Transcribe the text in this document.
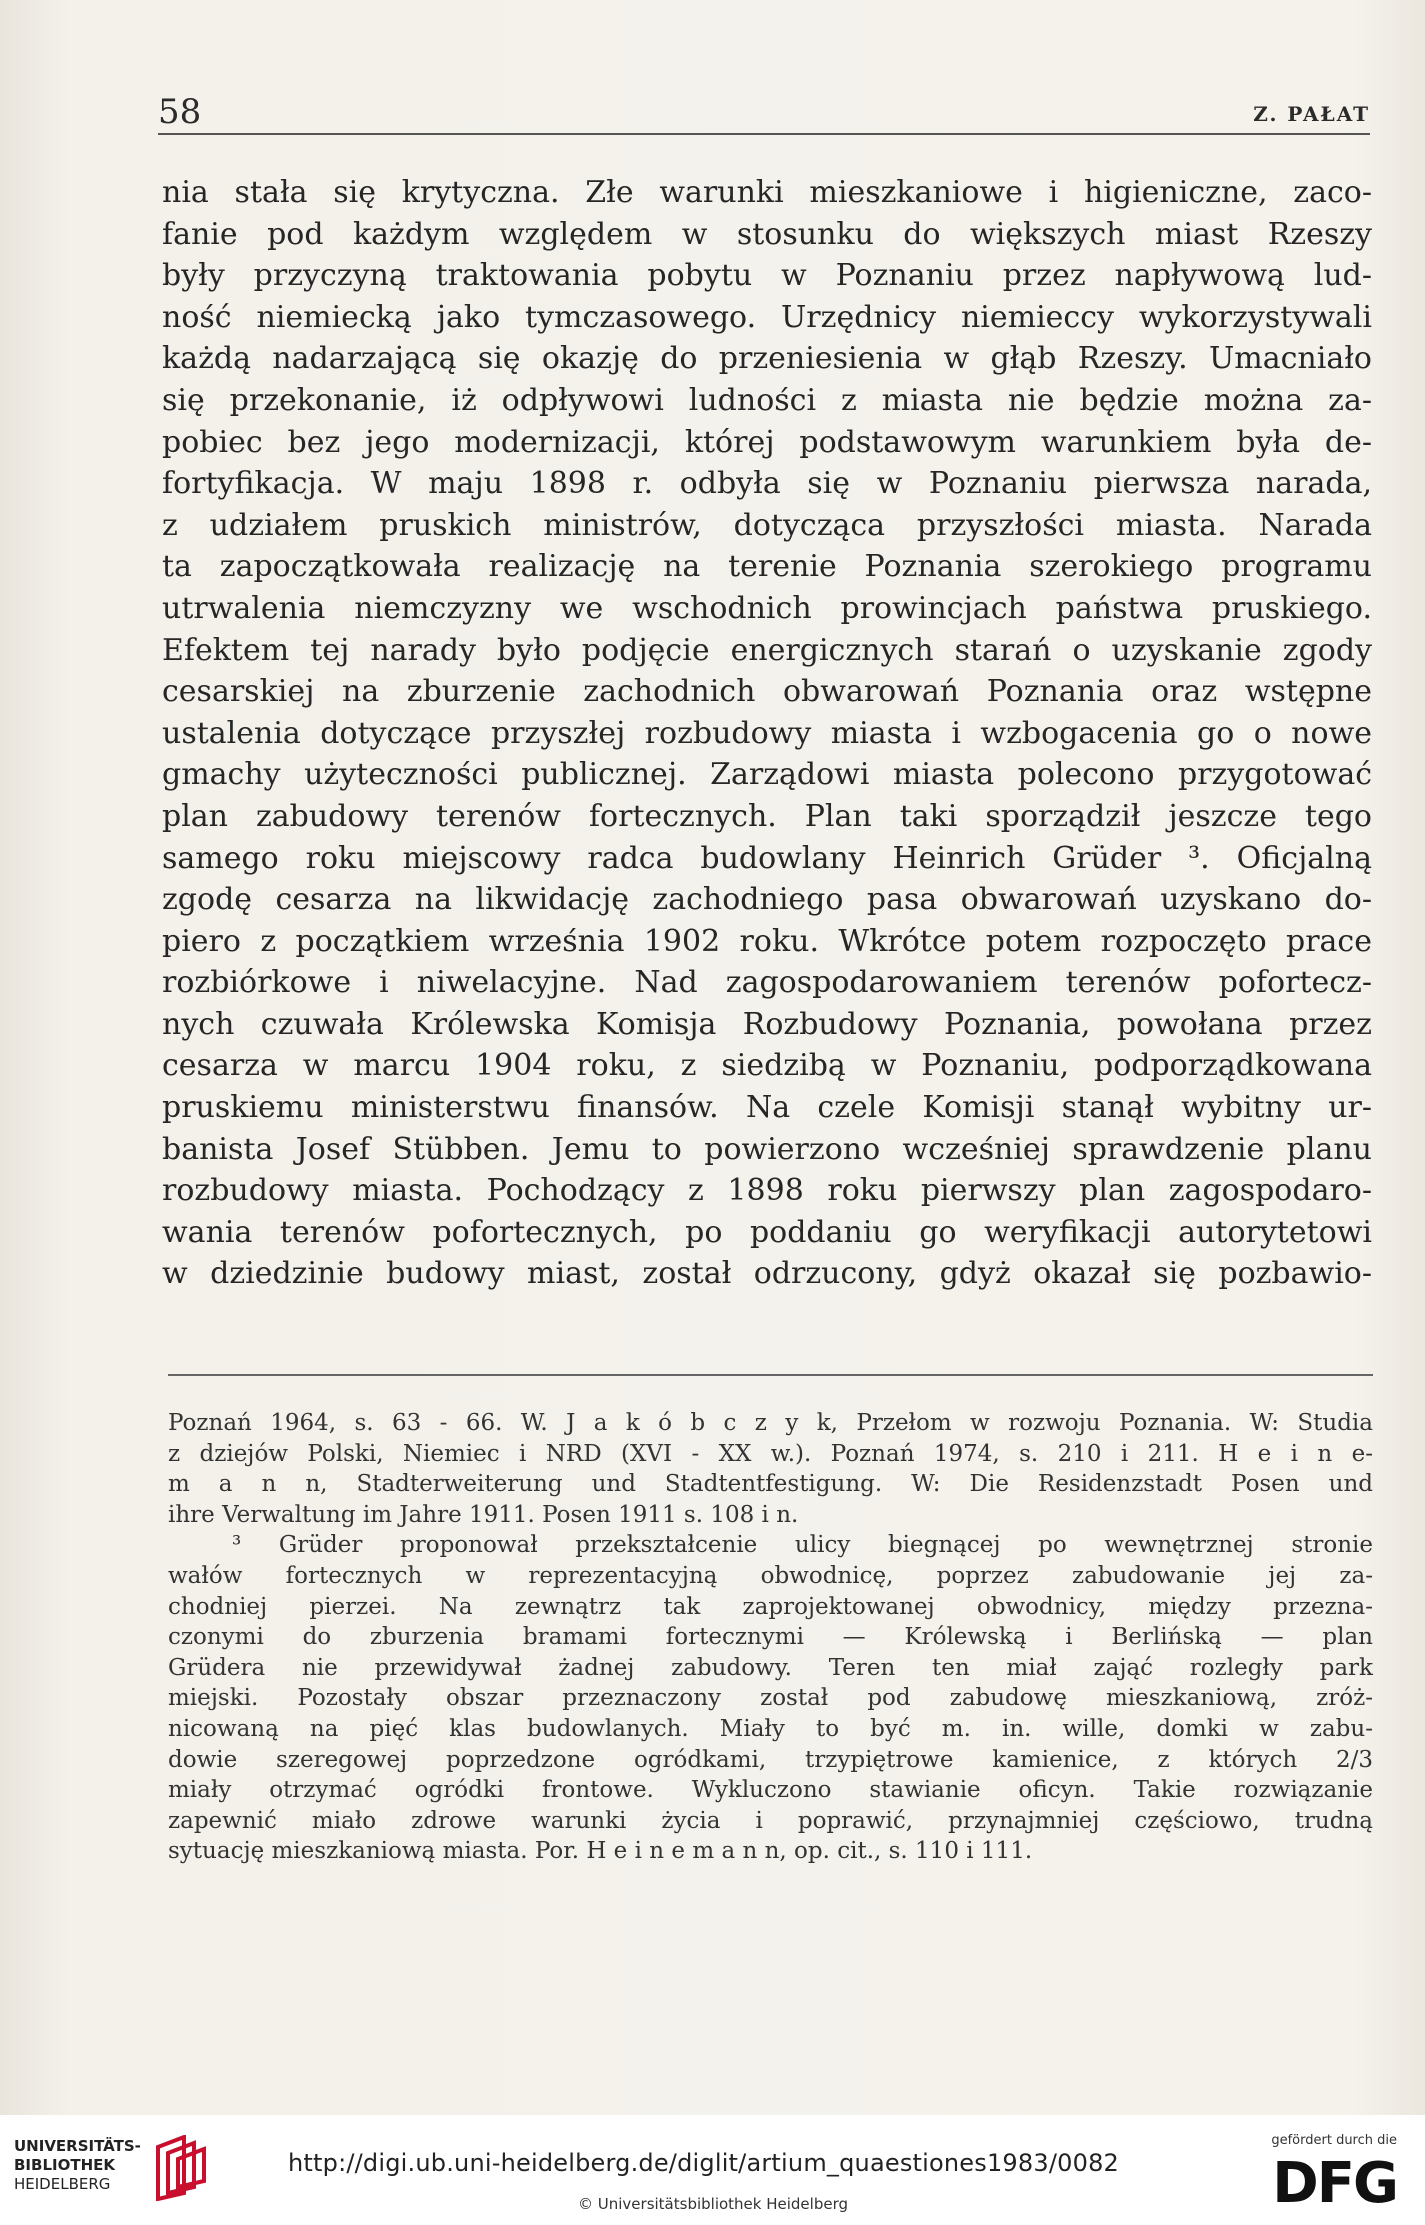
58	Z. PAŁAT
nia stała się krytyczna. Złe warunki mieszkaniowe i higieniczne, zaco-
fanie pod każdym względem w stosunku do większych miast Rzeszy
były przyczyną traktowania pobytu w Poznaniu przez napływową lud-
ność niemiecką jako tymczasowego. Urzędnicy niemieccy wykorzystywali
każdą nadarzającą się okazję do przeniesienia w głąb Rzeszy. Umacniało
się przekonanie, iż odpływowi ludności z miasta nie będzie można za-
pobiec bez jego modernizacji, której podstawowym warunkiem była de-
fortyfikacja. W maju 1898 r. odbyła się w Poznaniu pierwsza narada,
z udziałem pruskich ministrów, dotycząca przyszłości miasta. Narada
ta zapoczątkowała realizację na terenie Poznania szerokiego programu
utrwalenia niemczyzny we wschodnich prowincjach państwa pruskiego.
Efektem tej narady było podjęcie energicznych starań o uzyskanie zgody
cesarskiej na zburzenie zachodnich obwarowań Poznania oraz wstępne
ustalenia dotyczące przyszłej rozbudowy miasta i wzbogacenia go o nowe
gmachy użyteczności publicznej. Zarządowi miasta polecono przygotować
plan zabudowy terenów fortecznych. Plan taki sporządził jeszcze tego
samego roku miejscowy radca budowlany Heinrich Grüder ³. Oficjalną
zgodę cesarza na likwidację zachodniego pasa obwarowań uzyskano do-
piero z początkiem września 1902 roku. Wkrótce potem rozpoczęto prace
rozbiórkowe i niwelacyjne. Nad zagospodarowaniem terenów pofortecz-
nych czuwała Królewska Komisja Rozbudowy Poznania, powołana przez
cesarza w marcu 1904 roku, z siedzibą w Poznaniu, podporządkowana
pruskiemu ministerstwu finansów. Na czele Komisji stanął wybitny ur-
banista Josef Stübben. Jemu to powierzono wcześniej sprawdzenie planu
rozbudowy miasta. Pochodzący z 1898 roku pierwszy plan zagospodaro-
wania terenów pofortecznych, po poddaniu go weryfikacji autorytetowi
w dziedzinie budowy miast, został odrzucony, gdyż okazał się pozbawio-
Poznań 1964, s. 63 - 66. W. J a k ó b c z y k, Przełom w rozwoju Poznania. W: Studia
z dziejów Polski, Niemiec i NRD (XVI - XX w.). Poznań 1974, s. 210 i 211. H e i n e-
m a n n, Stadterweiterung und Stadtentfestigung. W: Die Residenzstadt Posen und
ihre Verwaltung im Jahre 1911. Posen 1911 s. 108 i n.
³ Grüder proponował przekształcenie ulicy biegnącej po wewnętrznej stronie
wałów fortecznych w reprezentacyjną obwodnicę, poprzez zabudowanie jej za-
chodniej pierzei. Na zewnątrz tak zaprojektowanej obwodnicy, między przezna-
czonymi do zburzenia bramami fortecznymi — Królewską i Berlińską — plan
Grüdera nie przewidywał żadnej zabudowy. Teren ten miał zająć rozległy park
miejski. Pozostały obszar przeznaczony został pod zabudowę mieszkaniową, zróż-
nicowaną na pięć klas budowlanych. Miały to być m. in. wille, domki w zabu-
dowie szeregowej poprzedzone ogródkami, trzypiętrowe kamienice, z których 2/3
miały otrzymać ogródki frontowe. Wykluczono stawianie oficyn. Takie rozwiązanie
zapewnić miało zdrowe warunki życia i poprawić, przynajmniej częściowo, trudną
sytuację mieszkaniową miasta. Por. H e i n e m a n n, op. cit., s. 110 i 111.
UNIVERSITÄTS-
BIBLIOTHEK
HEIDELBERG
http://digi.ub.uni-heidelberg.de/diglit/artium_quaestiones1983/0082
© Universitätsbibliothek Heidelberg
gefördert durch die
DFG
